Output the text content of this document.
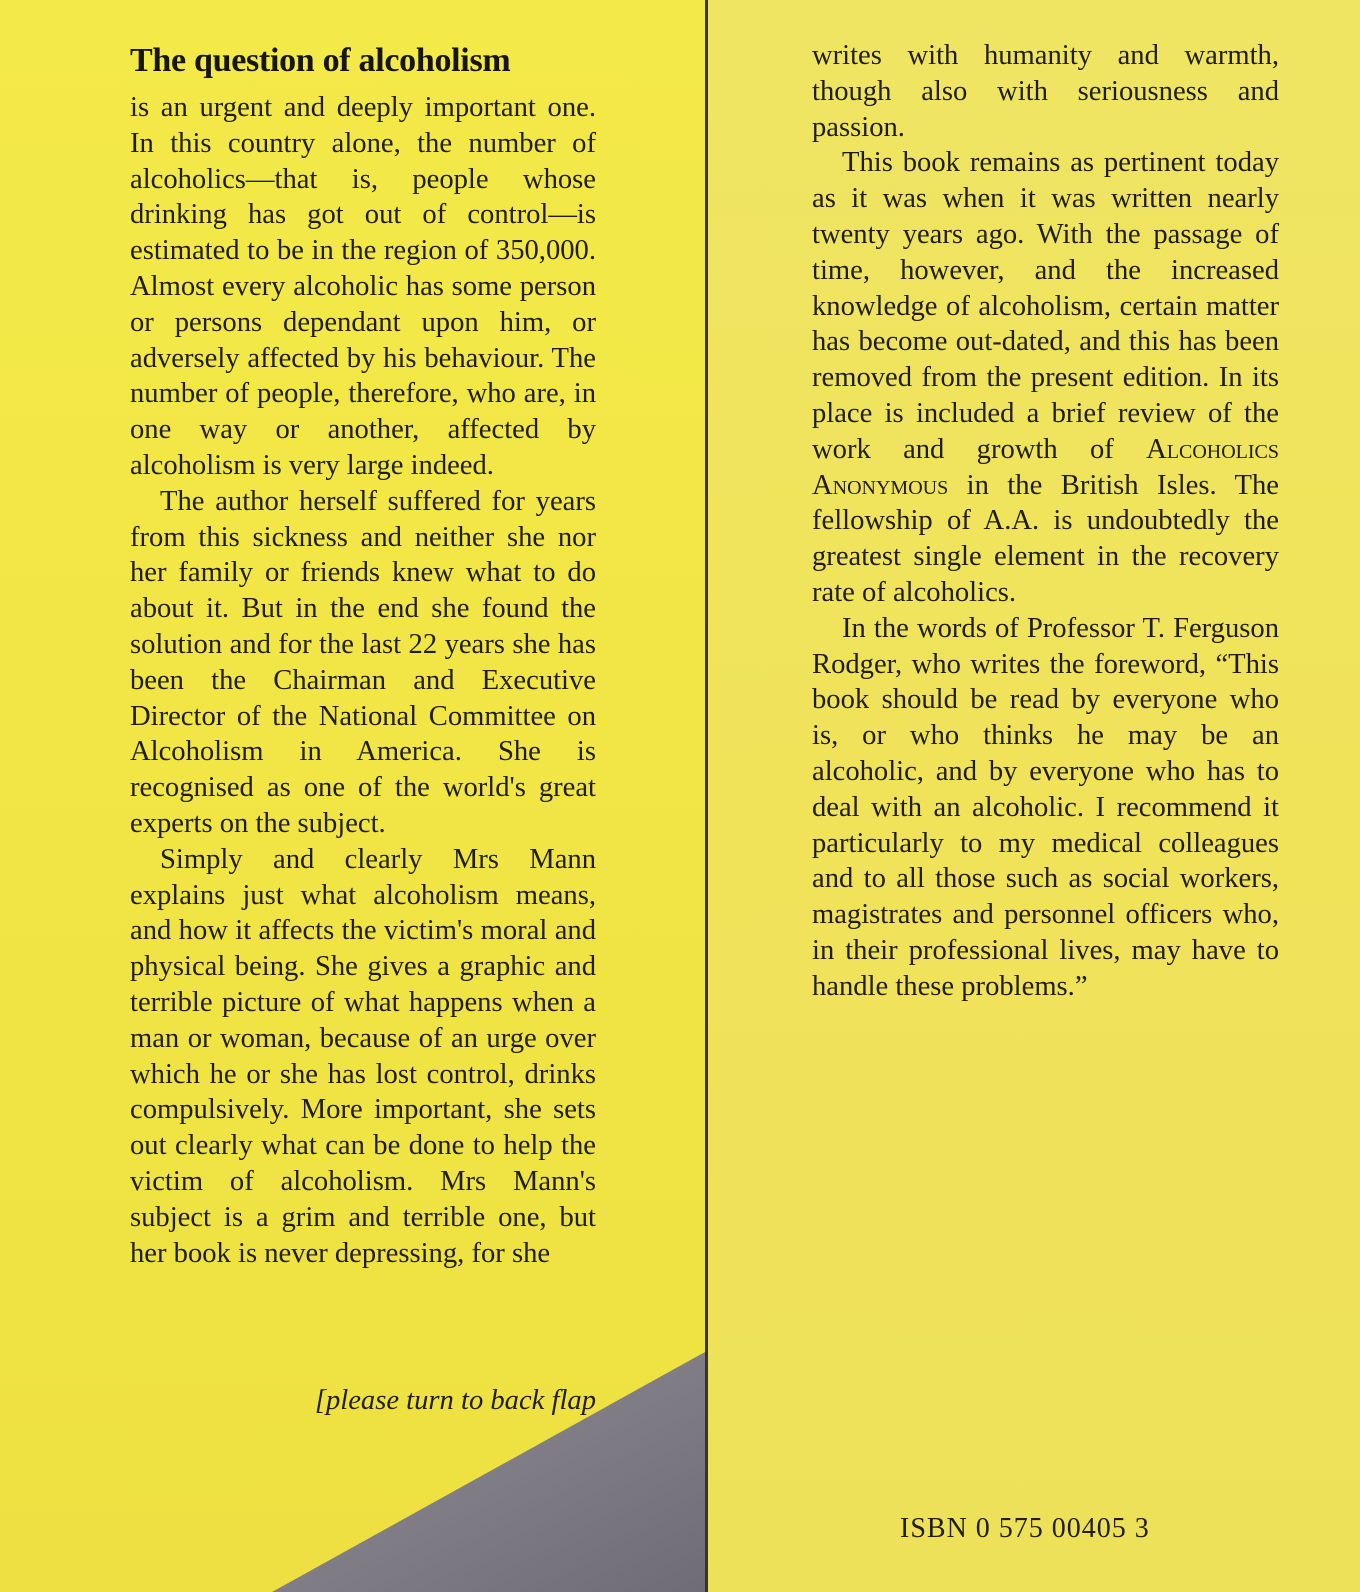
The question of alcoholism

is an urgent and deeply important one. In this country alone, the number of alcoholics—that is, people whose drinking has got out of control—is estimated to be in the region of 350,000. Almost every alcoholic has some person or persons dependant upon him, or adversely affected by his behaviour. The number of people, therefore, who are, in one way or another, affected by alcoholism is very large indeed.

The author herself suffered for years from this sickness and neither she nor her family or friends knew what to do about it. But in the end she found the solution and for the last 22 years she has been the Chairman and Executive Director of the National Committee on Alcoholism in America. She is recognised as one of the world's great experts on the subject.

Simply and clearly Mrs Mann explains just what alcoholism means, and how it affects the victim's moral and physical being. She gives a graphic and terrible picture of what happens when a man or woman, because of an urge over which he or she has lost control, drinks compulsively. More important, she sets out clearly what can be done to help the victim of alcoholism. Mrs Mann's subject is a grim and terrible one, but her book is never depressing, for she

[please turn to back flap

writes with humanity and warmth, though also with seriousness and passion.

This book remains as pertinent today as it was when it was written nearly twenty years ago. With the passage of time, however, and the increased knowledge of alcoholism, certain matter has become out-dated, and this has been removed from the present edition. In its place is included a brief review of the work and growth of Alcoholics Anonymous in the British Isles. The fellowship of A.A. is undoubtedly the greatest single element in the recovery rate of alcoholics.

In the words of Professor T. Ferguson Rodger, who writes the foreword, “This book should be read by everyone who is, or who thinks he may be an alcoholic, and by everyone who has to deal with an alcoholic. I recommend it particularly to my medical colleagues and to all those such as social workers, magistrates and personnel officers who, in their professional lives, may have to handle these problems.”

ISBN 0 575 00405 3
